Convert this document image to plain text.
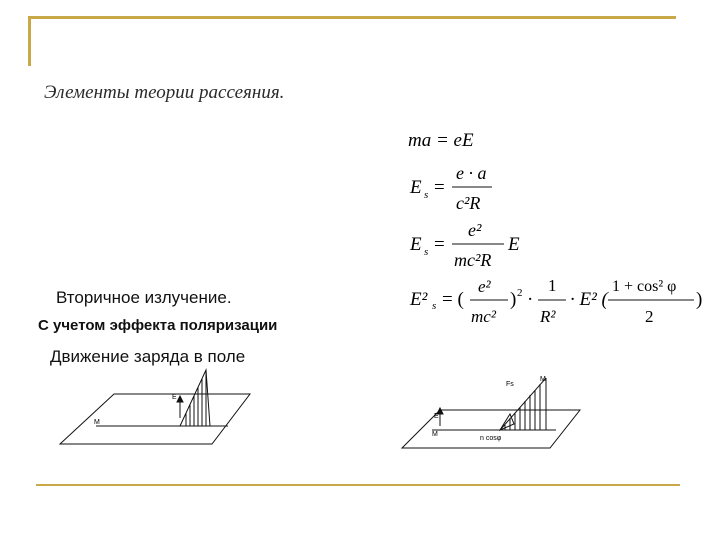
Элементы теории рассеяния.
Вторичное излучение.
С учетом эффекта поляризации
Движение заряда в поле
ma = eE
E s =
e · a
c²R
E s =
e²
mc²R
E
E² s = (
e²
mc²
) 2 ·
1
R²
· E² (
1 + cos² φ
2
)
E
M
Fs
E
M
M
n cosφ
